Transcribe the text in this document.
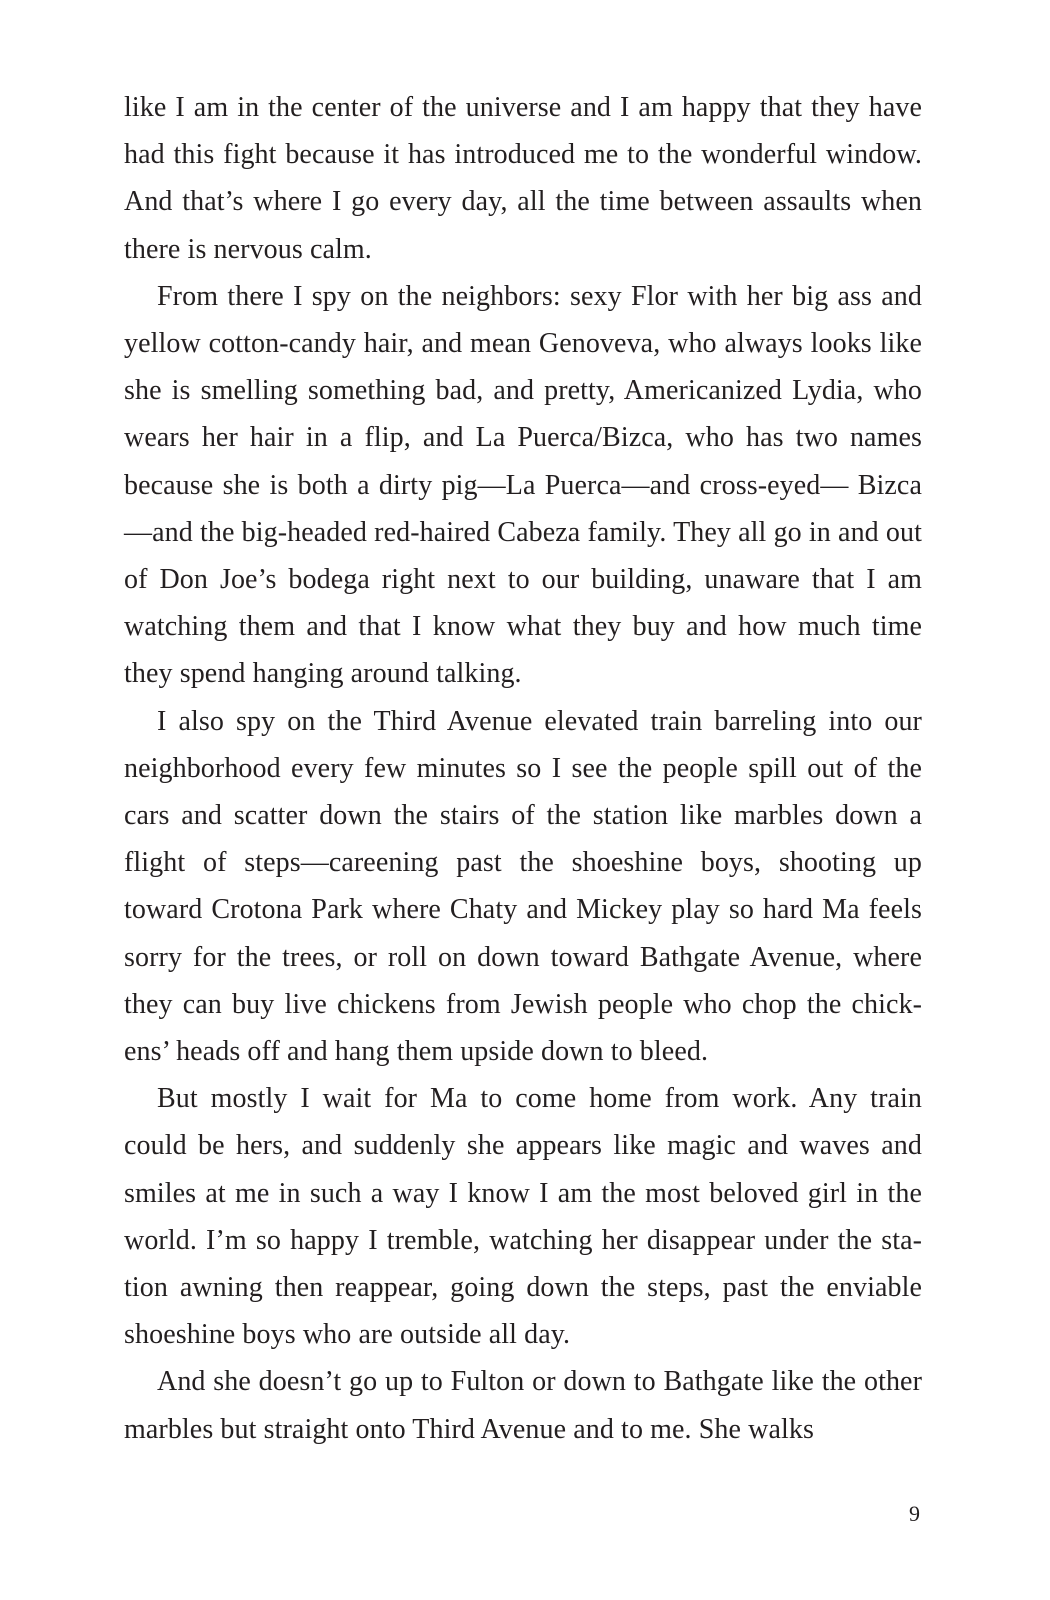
like I am in the center of the universe and I am happy that they have had this fight because it has introduced me to the wonderful window. And that’s where I go every day, all the time between assaults when there is nervous calm.

From there I spy on the neighbors: sexy Flor with her big ass and yellow cotton-candy hair, and mean Genoveva, who always looks like she is smelling something bad, and pretty, Americanized Lydia, who wears her hair in a flip, and La Puerca/Bizca, who has two names because she is both a dirty pig—La Puerca—and cross-eyed— Bizca—and the big-headed red-haired Cabeza family. They all go in and out of Don Joe’s bodega right next to our building, unaware that I am watching them and that I know what they buy and how much time they spend hanging around talking.

I also spy on the Third Avenue elevated train barreling into our neighborhood every few minutes so I see the people spill out of the cars and scatter down the stairs of the station like marbles down a flight of steps—careening past the shoeshine boys, shooting up toward Crotona Park where Chaty and Mickey play so hard Ma feels sorry for the trees, or roll on down toward Bathgate Avenue, where they can buy live chickens from Jewish people who chop the chickens’ heads off and hang them upside down to bleed.

But mostly I wait for Ma to come home from work. Any train could be hers, and suddenly she appears like magic and waves and smiles at me in such a way I know I am the most beloved girl in the world. I’m so happy I tremble, watching her disappear under the station awning then reappear, going down the steps, past the enviable shoeshine boys who are outside all day.

And she doesn’t go up to Fulton or down to Bathgate like the other marbles but straight onto Third Avenue and to me. She walks

9
